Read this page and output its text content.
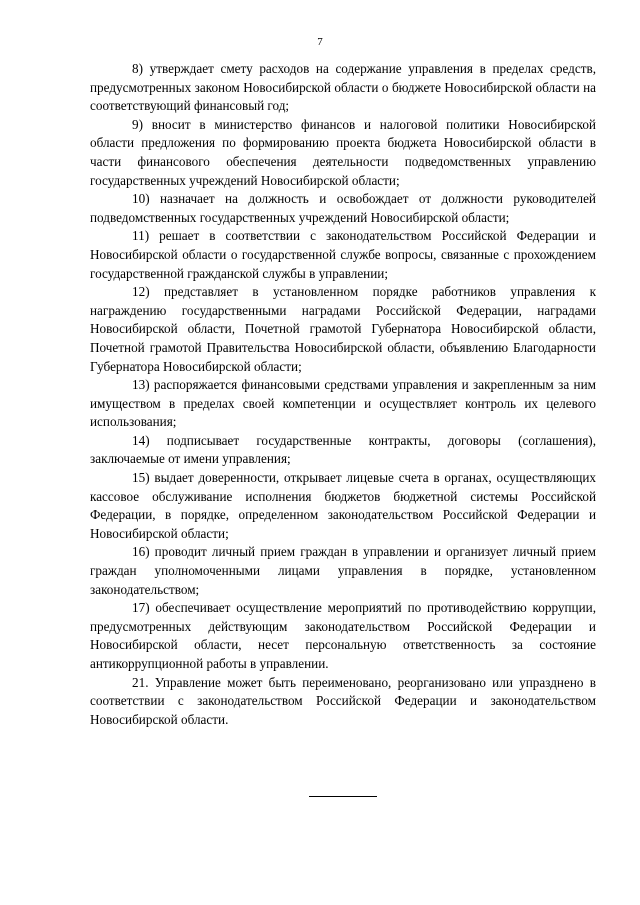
7

8) утверждает смету расходов на содержание управления в пределах средств, предусмотренных законом Новосибирской области о бюджете Новосибирской области на соответствующий финансовый год;

9) вносит в министерство финансов и налоговой политики Новосибирской области предложения по формированию проекта бюджета Новосибирской области в части финансового обеспечения деятельности подведомственных управлению государственных учреждений Новосибирской области;

10) назначает на должность и освобождает от должности руководителей подведомственных государственных учреждений Новосибирской области;

11) решает в соответствии с законодательством Российской Федерации и Новосибирской области о государственной службе вопросы, связанные с прохождением государственной гражданской службы в управлении;

12) представляет в установленном порядке работников управления к награждению государственными наградами Российской Федерации, наградами Новосибирской области, Почетной грамотой Губернатора Новосибирской области, Почетной грамотой Правительства Новосибирской области, объявлению Благодарности Губернатора Новосибирской области;

13) распоряжается финансовыми средствами управления и закрепленным за ним имуществом в пределах своей компетенции и осуществляет контроль их целевого использования;

14) подписывает государственные контракты, договоры (соглашения), заключаемые от имени управления;

15) выдает доверенности, открывает лицевые счета в органах, осуществляющих кассовое обслуживание исполнения бюджетов бюджетной системы Российской Федерации, в порядке, определенном законодательством Российской Федерации и Новосибирской области;

16) проводит личный прием граждан в управлении и организует личный прием граждан уполномоченными лицами управления в порядке, установленном законодательством;

17) обеспечивает осуществление мероприятий по противодействию коррупции, предусмотренных действующим законодательством Российской Федерации и Новосибирской области, несет персональную ответственность за состояние антикоррупционной работы в управлении.

21. Управление может быть переименовано, реорганизовано или упразднено в соответствии с законодательством Российской Федерации и законодательством Новосибирской области.
